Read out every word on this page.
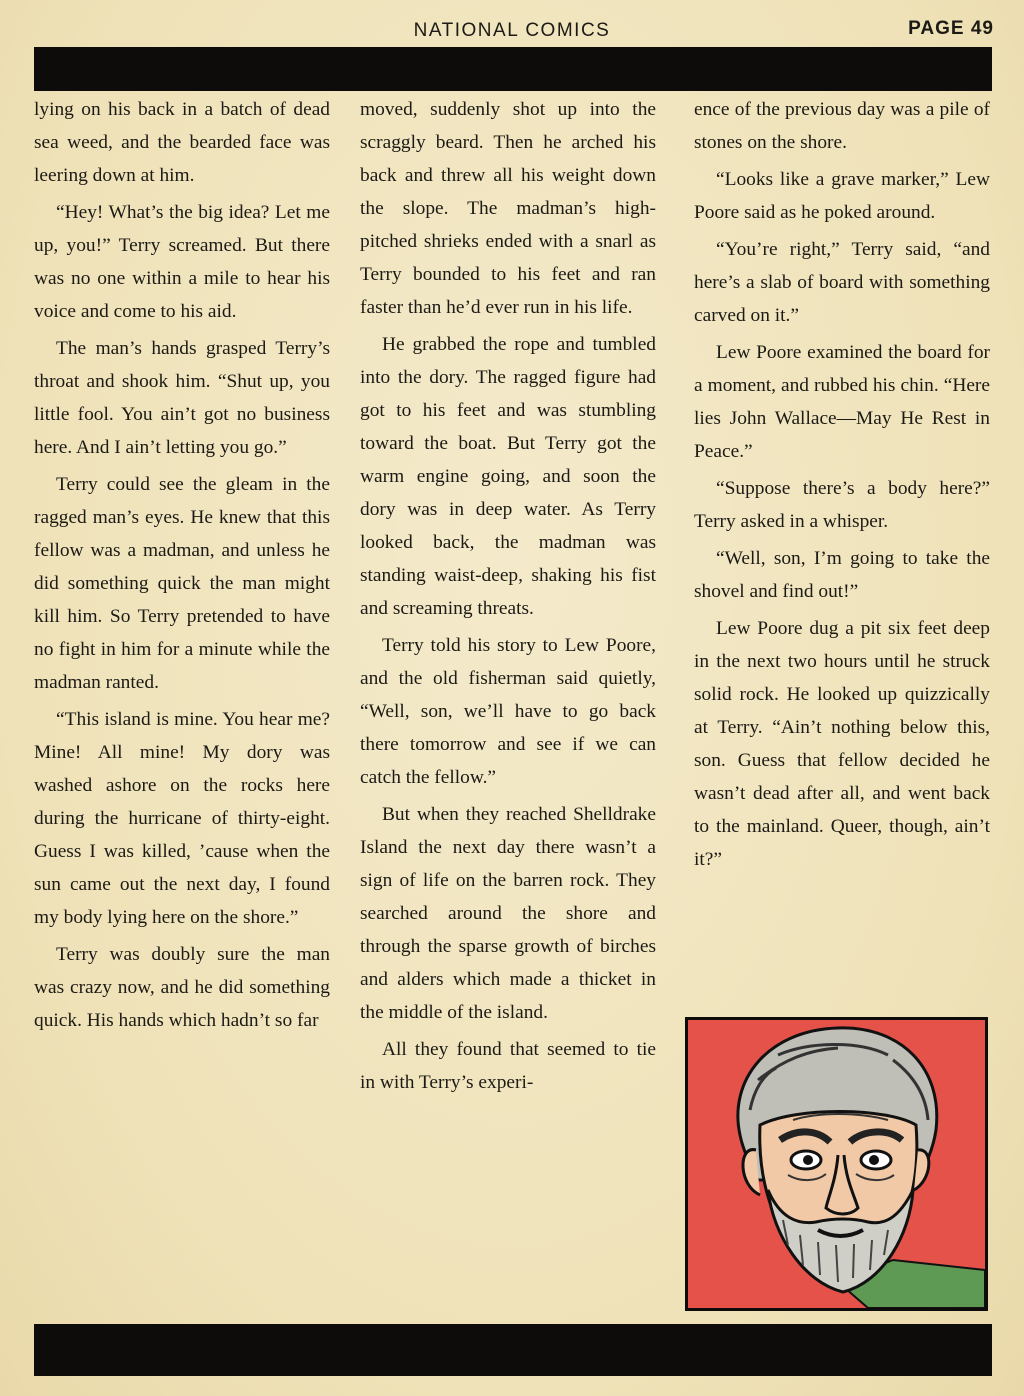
NATIONAL COMICS	PAGE 49

lying on his back in a batch of dead sea weed, and the bearded face was leering down at him.

“Hey! What’s the big idea? Let me up, you!” Terry screamed. But there was no one within a mile to hear his voice and come to his aid.

The man’s hands grasped Terry’s throat and shook him. “Shut up, you little fool. You ain’t got no business here. And I ain’t letting you go.”

Terry could see the gleam in the ragged man’s eyes. He knew that this fellow was a madman, and unless he did something quick the man might kill him. So Terry pretended to have no fight in him for a minute while the madman ranted.

“This island is mine. You hear me? Mine! All mine! My dory was washed ashore on the rocks here during the hurricane of thirty-eight. Guess I was killed, ’cause when the sun came out the next day, I found my body lying here on the shore.”

Terry was doubly sure the man was crazy now, and he did something quick. His hands which hadn’t so far

moved, suddenly shot up into the scraggly beard. Then he arched his back and threw all his weight down the slope. The madman’s high-pitched shrieks ended with a snarl as Terry bounded to his feet and ran faster than he’d ever run in his life.

He grabbed the rope and tumbled into the dory. The ragged figure had got to his feet and was stumbling toward the boat. But Terry got the warm engine going, and soon the dory was in deep water. As Terry looked back, the madman was standing waist-deep, shaking his fist and screaming threats.

Terry told his story to Lew Poore, and the old fisherman said quietly, “Well, son, we’ll have to go back there tomorrow and see if we can catch the fellow.”

But when they reached Shelldrake Island the next day there wasn’t a sign of life on the barren rock. They searched around the shore and through the sparse growth of birches and alders which made a thicket in the middle of the island.

All they found that seemed to tie in with Terry’s experi-

ence of the previous day was a pile of stones on the shore.

“Looks like a grave marker,” Lew Poore said as he poked around.

“You’re right,” Terry said, “and here’s a slab of board with something carved on it.”

Lew Poore examined the board for a moment, and rubbed his chin. “Here lies John Wallace—May He Rest in Peace.”

“Suppose there’s a body here?” Terry asked in a whisper.

“Well, son, I’m going to take the shovel and find out!”

Lew Poore dug a pit six feet deep in the next two hours until he struck solid rock. He looked up quizzically at Terry. “Ain’t nothing below this, son. Guess that fellow decided he wasn’t dead after all, and went back to the mainland. Queer, though, ain’t it?”
